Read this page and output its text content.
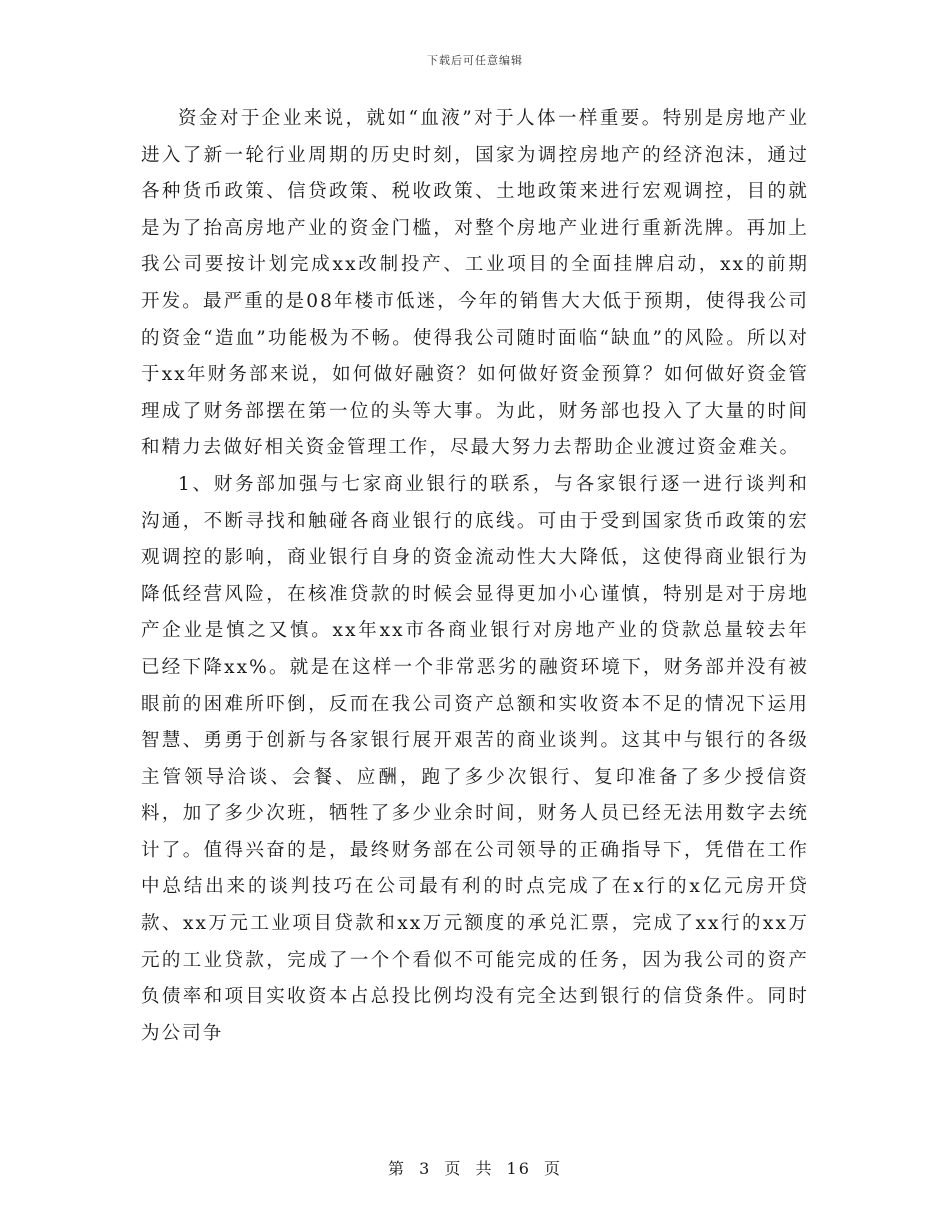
下载后可任意编辑

资金对于企业来说，就如“血液”对于人体一样重要。特别是房地产业进入了新一轮行业周期的历史时刻，国家为调控房地产的经济泡沫，通过各种货币政策、信贷政策、税收政策、土地政策来进行宏观调控，目的就是为了抬高房地产业的资金门槛，对整个房地产业进行重新洗牌。再加上我公司要按计划完成xx改制投产、工业项目的全面挂牌启动，xx的前期开发。最严重的是08年楼市低迷，今年的销售大大低于预期，使得我公司的资金“造血”功能极为不畅。使得我公司随时面临“缺血”的风险。所以对于xx年财务部来说，如何做好融资？如何做好资金预算？如何做好资金管理成了财务部摆在第一位的头等大事。为此，财务部也投入了大量的时间和精力去做好相关资金管理工作，尽最大努力去帮助企业渡过资金难关。

1、财务部加强与七家商业银行的联系，与各家银行逐一进行谈判和沟通，不断寻找和触碰各商业银行的底线。可由于受到国家货币政策的宏观调控的影响，商业银行自身的资金流动性大大降低，这使得商业银行为降低经营风险，在核准贷款的时候会显得更加小心谨慎，特别是对于房地产企业是慎之又慎。xx年xx市各商业银行对房地产业的贷款总量较去年已经下降xx%。就是在这样一个非常恶劣的融资环境下，财务部并没有被眼前的困难所吓倒，反而在我公司资产总额和实收资本不足的情况下运用智慧、勇勇于创新与各家银行展开艰苦的商业谈判。这其中与银行的各级主管领导洽谈、会餐、应酬，跑了多少次银行、复印准备了多少授信资料，加了多少次班，牺牲了多少业余时间，财务人员已经无法用数字去统计了。值得兴奋的是，最终财务部在公司领导的正确指导下，凭借在工作中总结出来的谈判技巧在公司最有利的时点完成了在x行的x亿元房开贷款、xx万元工业项目贷款和xx万元额度的承兑汇票，完成了xx行的xx万元的工业贷款，完成了一个个看似不可能完成的任务，因为我公司的资产负债率和项目实收资本占总投比例均没有完全达到银行的信贷条件。同时为公司争

第 3 页 共 16 页
